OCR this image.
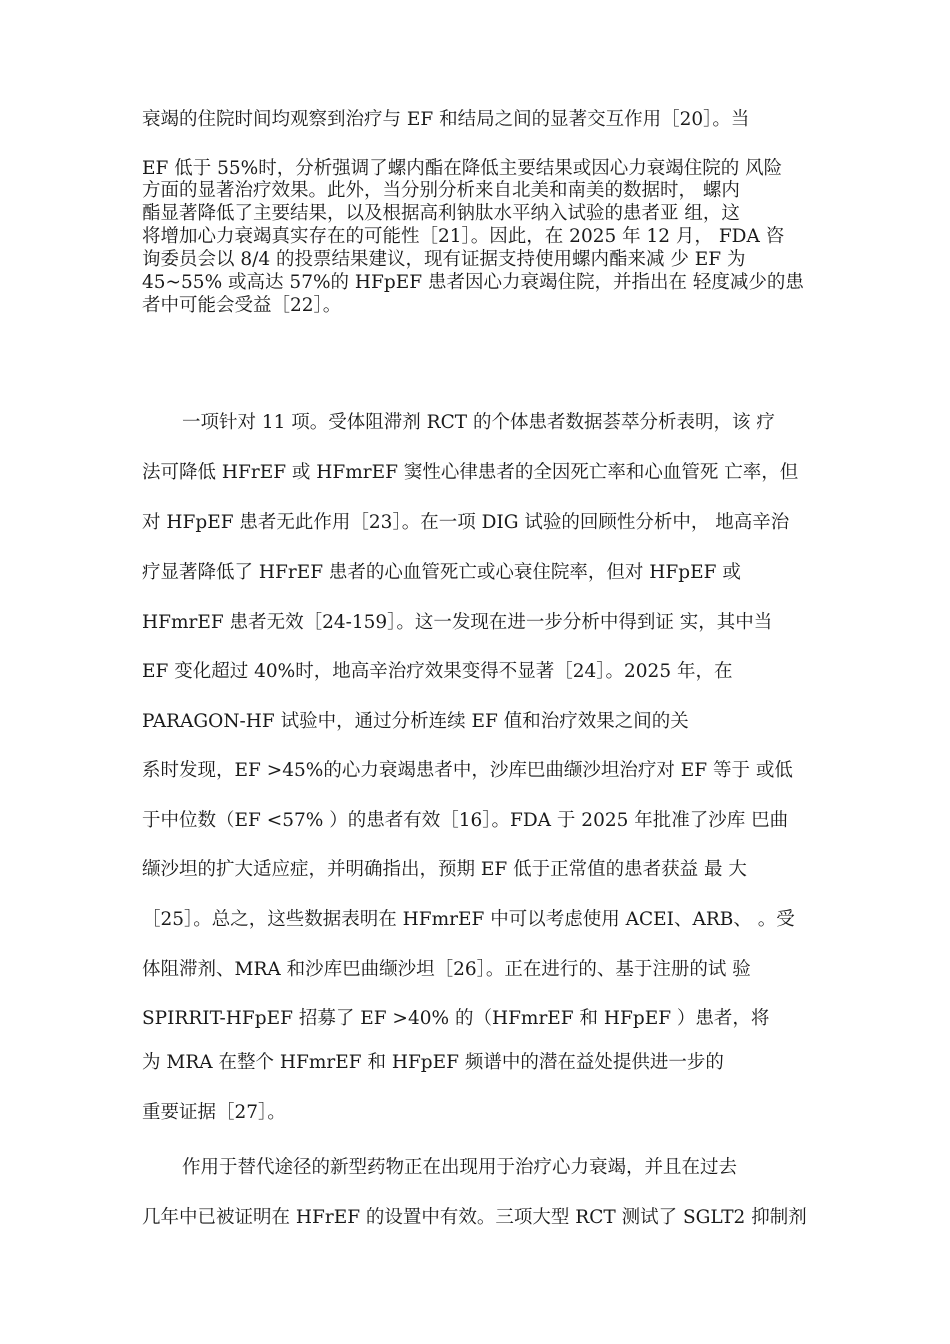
衰竭的住院时间均观察到治疗与 EF 和结局之间的显著交互作用［20］。当
EF 低于 55%时，分析强调了螺内酯在降低主要结果或因心力衰竭住院的 风险
方面的显著治疗效果。此外，当分别分析来自北美和南美的数据时， 螺内
酯显著降低了主要结果，以及根据高利钠肽水平纳入试验的患者亚 组，这
将增加心力衰竭真实存在的可能性［21］。因此，在 2025 年 12 月， FDA 咨
询委员会以 8/4 的投票结果建议，现有证据支持使用螺内酯来减 少 EF 为
45~55% 或高达 57%的 HFpEF 患者因心力衰竭住院，并指出在 轻度减少的患
者中可能会受益［22］。
一项针对 11 项。受体阻滞剂 RCT 的个体患者数据荟萃分析表明，该 疗
法可降低 HFrEF 或 HFmrEF 窦性心律患者的全因死亡率和心血管死 亡率，但
对 HFpEF 患者无此作用［23］。在一项 DIG 试验的回顾性分析中， 地高辛治
疗显著降低了 HFrEF 患者的心血管死亡或心衰住院率，但对 HFpEF 或
HFmrEF 患者无效［24-159］。这一发现在进一步分析中得到证 实，其中当
EF 变化超过 40%时，地高辛治疗效果变得不显著［24］。2025 年，在
PARAGON-HF 试验中，通过分析连续 EF 值和治疗效果之间的关
系时发现，EF >45%的心力衰竭患者中，沙库巴曲缬沙坦治疗对 EF 等于 或低
于中位数（EF <57% ）的患者有效［16］。FDA 于 2025 年批准了沙库 巴曲
缬沙坦的扩大适应症，并明确指出，预期 EF 低于正常值的患者获益 最 大
［25］。总之，这些数据表明在 HFmrEF 中可以考虑使用 ACEI、ARB、 。受
体阻滞剂、MRA 和沙库巴曲缬沙坦［26］。正在进行的、基于注册的试 验
SPIRRIT-HFpEF 招募了 EF >40% 的（HFmrEF 和 HFpEF ）患者，将
为 MRA 在整个 HFmrEF 和 HFpEF 频谱中的潜在益处提供进一步的
重要证据［27］。
作用于替代途径的新型药物正在出现用于治疗心力衰竭，并且在过去
几年中已被证明在 HFrEF 的设置中有效。三项大型 RCT 测试了 SGLT2 抑制剂
